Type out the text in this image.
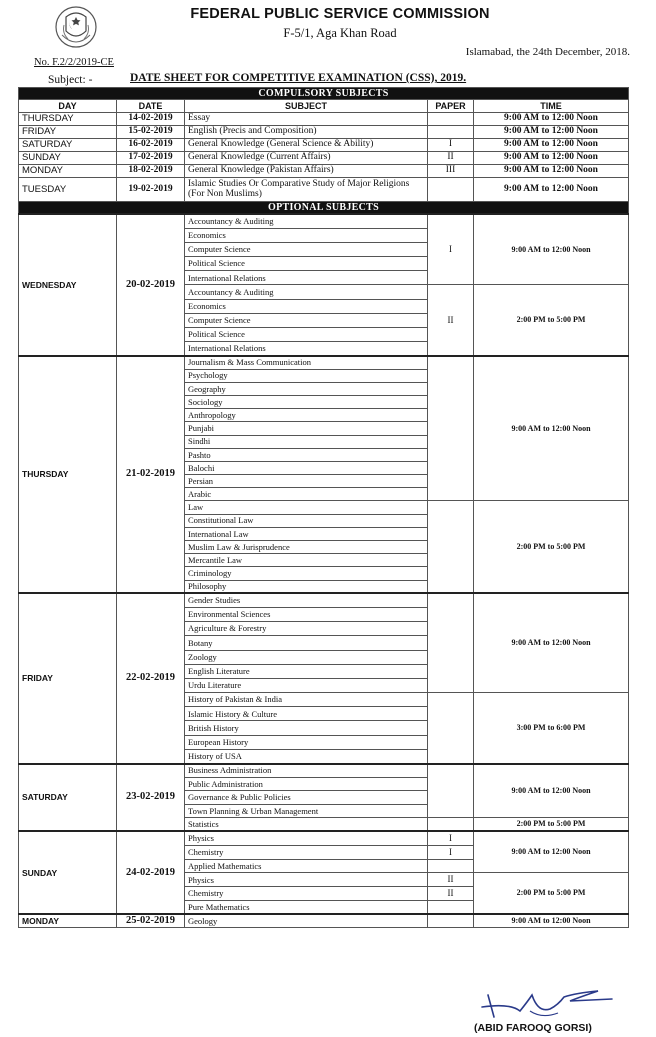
FEDERAL PUBLIC SERVICE COMMISSION
F-5/1, Aga Khan Road
Islamabad, the 24th December, 2018.
No. F.2/2/2019-CE
Subject: -	DATE SHEET FOR COMPETITIVE EXAMINATION (CSS), 2019.
COMPULSORY SUBJECTS				
DAY	DATE	SUBJECT	PAPER	TIME
THURSDAY	14-02-2019	Essay		9:00 AM to 12:00 Noon
FRIDAY	15-02-2019	English (Precis and Composition)		9:00 AM to 12:00 Noon
SATURDAY	16-02-2019	General Knowledge (General Science & Ability)	I	9:00 AM to 12:00 Noon
SUNDAY	17-02-2019	General Knowledge (Current Affairs)	II	9:00 AM to 12:00 Noon
MONDAY	18-02-2019	General Knowledge (Pakistan Affairs)	III	9:00 AM to 12:00 Noon
TUESDAY	19-02-2019	Islamic Studies Or Comparative Study of Major Religions (For Non Muslims)		9:00 AM to 12:00 Noon
OPTIONAL SUBJECTS				
WEDNESDAY	20-02-2019	Accountancy & Auditing	I	9:00 AM to 12:00 Noon
		Economics		
		Computer Science		
		Political Science		
		International Relations		
		Accountancy & Auditing	II	2:00 PM to 5:00 PM
		Economics		
		Computer Science		
		Political Science		
		International Relations		
THURSDAY	21-02-2019	Journalism & Mass Communication		9:00 AM to 12:00 Noon
		Psychology		
		Geography		
		Sociology		
		Anthropology		
		Punjabi		
		Sindhi		
		Pashto		
		Balochi		
		Persian		
		Arabic		
		Law		2:00 PM to 5:00 PM
		Constitutional Law		
		International Law		
		Muslim Law & Jurisprudence		
		Mercantile Law		
		Criminology		
		Philosophy		
FRIDAY	22-02-2019	Gender Studies		9:00 AM to 12:00 Noon
		Environmental Sciences		
		Agriculture & Forestry		
		Botany		
		Zoology		
		English Literature		
		Urdu Literature		
		History of Pakistan & India		3:00 PM to 6:00 PM
		Islamic History & Culture		
		British History		
		European History		
		History of USA		
SATURDAY	23-02-2019	Business Administration		9:00 AM to 12:00 Noon
		Public Administration		
		Governance & Public Policies		
		Town Planning & Urban Management		
		Statistics		2:00 PM to 5:00 PM
SUNDAY	24-02-2019	Physics	I	9:00 AM to 12:00 Noon
		Chemistry	I	
		Applied Mathematics		
		Physics	II	2:00 PM to 5:00 PM
		Chemistry	II	
		Pure Mathematics		
MONDAY	25-02-2019	Geology		9:00 AM to 12:00 Noon
(ABID FAROOQ GORSI)
